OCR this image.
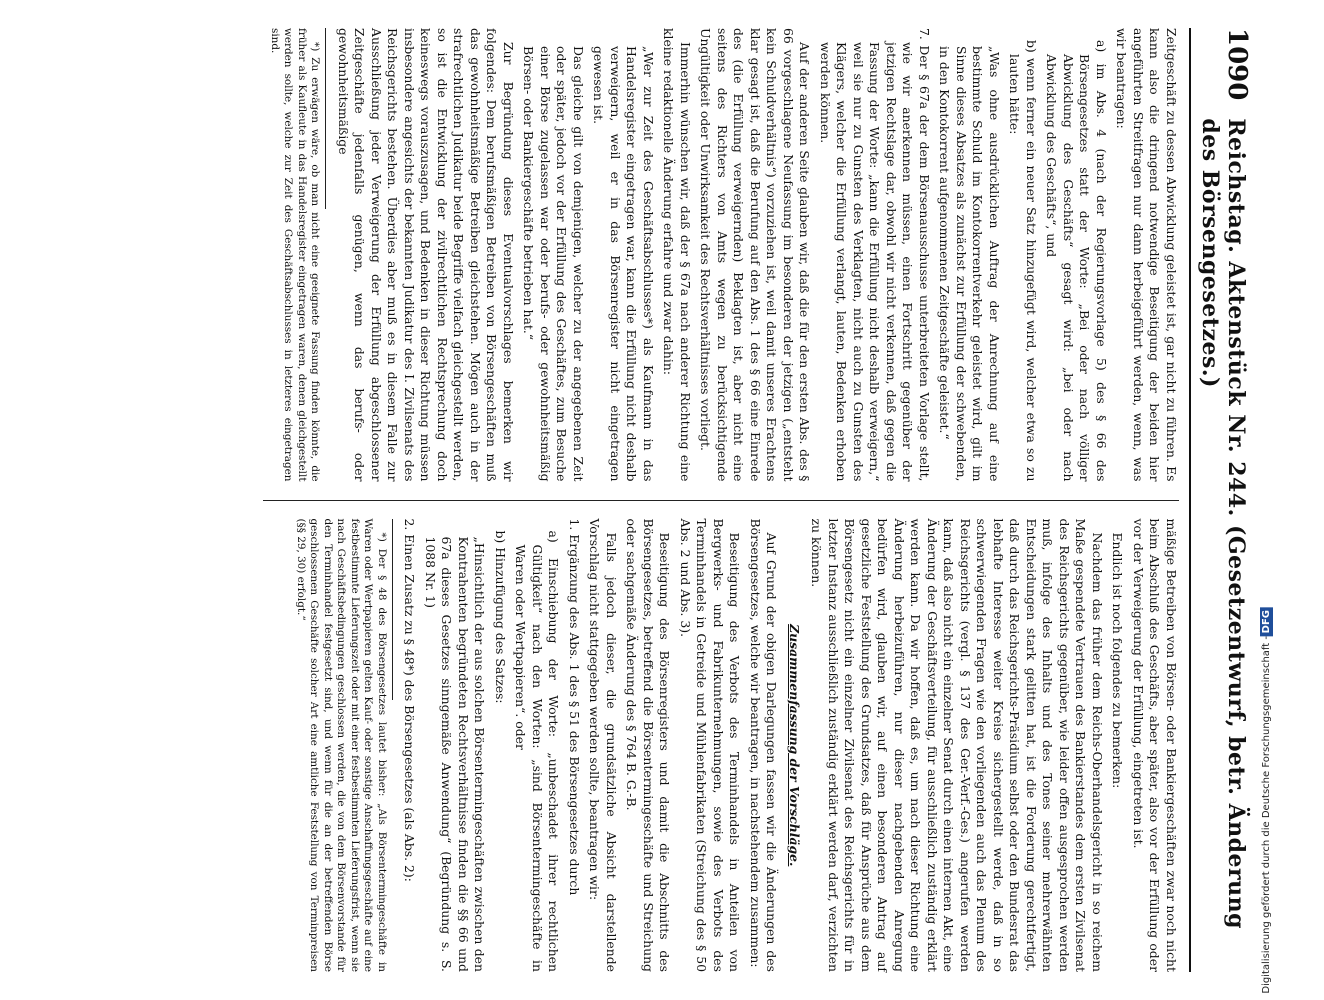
1090
Reichstag. Aktenstück Nr. 244. (Gesetzentwurf, betr. Änderung des Börsengesetzes.)

Zeitgeschäft zu dessen Abwicklung geleistet ist, gar nicht zu führen. Es kann also die dringend notwendige Beseitigung der beiden hier angeführten Streitfragen nur dann herbeigeführt werden, wenn, was wir beantragen:

a) im Abs. 4 (nach der Regierungsvorlage 5) des § 66 des Börsengesetzes statt der Worte: „Bei oder nach völliger Abwicklung des Geschäfts“ gesagt wird: „bei oder nach Abwicklung des Geschäfts“, und
b) wenn ferner ein neuer Satz hinzugefügt wird, welcher etwa so zu lauten hätte:
„Was ohne ausdrücklichen Auftrag der Anrechnung auf eine bestimmte Schuld im Kontokorrentverkehr geleistet wird, gilt im Sinne dieses Absatzes als zunächst zur Erfüllung der schwebenden, in den Kontokorrent aufgenommenen Zeitgeschäfte geleistet.“
7. Der § 67a der dem Börsenausschusse unterbreiteten Vorlage stellt, wie wir anerkennen müssen, einen Fortschritt gegenüber der jetzigen Rechtslage dar, obwohl wir nicht verkennen, daß gegen die Fassung der Worte: „kann die Erfüllung nicht deshalb verweigern,“ weil sie nur zu Gunsten des Verklagten, nicht auch zu Gunsten des Klägers, welcher die Erfüllung verlangt, lauten, Bedenken erhoben werden können.

Auf der anderen Seite glauben wir, daß die für den ersten Abs. des § 66 vorgeschlagene Neufassung im besonderen der jetzigen („entsteht kein Schuldverhältnis“) vorzuziehen ist, weil damit unseres Erachtens klar gesagt ist, daß die Berufung auf den Abs. 1 des § 66 eine Einrede des (die Erfüllung verweigernden) Beklagten ist, aber nicht eine seitens des Richters von Amts wegen zu berücksichtigende Ungültigkeit oder Unwirksamkeit des Rechtsverhältnisses vorliegt.

Immerhin wünschen wir, daß der § 67a nach anderer Richtung eine kleine redaktionelle Änderung erfahre und zwar dahin:

„Wer zur Zeit des Geschäftsabschlusses*) als Kaufmann in das Handelsregister eingetragen war, kann die Erfüllung nicht deshalb verweigern, weil er in das Börsenregister nicht eingetragen gewesen ist.
Das gleiche gilt von demjenigen, welcher zu der angegebenen Zeit oder später, jedoch vor der Erfüllung des Geschäftes, zum Besuche einer Börse zugelassen war oder berufs- oder gewohnheitsmäßig Börsen- oder Bankiergeschäfte betrieben hat.“

Zur Begründung dieses Eventualvorschlages bemerken wir folgendes: Dem berufsmäßigen Betreiben von Börsengeschäften muß das gewohnheitsmäßige Betreiben gleichstehen. Mögen auch in der strafrechtlichen Judikatur beide Begriffe vielfach gleichgestellt werden, so ist die Entwicklung der zivilrechtlichen Rechtsprechung doch keineswegs vorauszusagen, und Bedenken in dieser Richtung müssen insbesondere angesichts der bekannten Judikatur des I. Zivilsenats des Reichsgerichts bestehen. Überdies aber muß es in diesem Falle zur Ausschließung jeder Verweigerung der Erfüllung abgeschlossener Zeitgeschäfte jedenfalls genügen, wenn das berufs- oder gewohnheitsmäßige

*) Zu erwägen wäre, ob man nicht eine geeignete Fassung finden könnte, die früher als Kaufleute in das Handelsregister eingetragen waren, denen gleichgestellt werden sollte, welche zur Zeit des Geschäftsabschlusses in letzteres eingetragen sind.

mäßige Betreiben von Börsen- oder Bankiergeschäften zwar noch nicht beim Abschluß des Geschäfts, aber später, also vor der Erfüllung oder vor der Verweigerung der Erfüllung, eingetreten ist.

Endlich ist noch folgendes zu bemerken:

Nachdem das früher dem Reichs-Oberhandelsgericht in so reichem Maße gespendete Vertrauen des Bankierstandes dem ersten Zivilsenat des Reichsgerichts gegenüber, wie leider offen ausgesprochen werden muß, infolge des Inhalts und des Tones seiner mehrerwähnten Entscheidungen stark gelitten hat, ist die Forderung gerechtfertigt, daß durch das Reichsgerichts-Präsidium selbst oder den Bundesrat das lebhafte Interesse weiter Kreise sichergestellt werde, daß in so schwerwiegenden Fragen wie den vorliegenden auch das Plenum des Reichsgerichts (vergl. § 137 des Ger.-Verf.-Ges.) angerufen werden kann, daß also nicht ein einzelner Senat durch einen internen Akt, eine Änderung der Geschäftsverteilung, für ausschließlich zuständig erklärt werden kann. Da wir hoffen, daß es, um nach dieser Richtung eine Änderung herbeizuführen, nur dieser nachgebenden Anregung bedürfen wird, glauben wir, auf einen besonderen Antrag auf gesetzliche Feststellung des Grundsatzes, daß für Ansprüche aus dem Börsengesetz nicht ein einzelner Zivilsenat des Reichsgerichts für in letzter Instanz ausschließlich zuständig erklärt werden darf, verzichten zu können.

Zusammenfassung der Vorschläge.

Auf Grund der obigen Darlegungen fassen wir die Änderungen des Börsengesetzes, welche wir beantragen, in nachstehendem zusammen:

Beseitigung des Verbots des Terminhandels in Anteilen von Bergwerks- und Fabrikunternehmungen, sowie des Verbots des Terminhandels in Getreide und Mühlenfabrikaten (Streichung des § 50 Abs. 2 und Abs. 3).

Beseitigung des Börsenregisters und damit die Abschnitts des Börsengesetzes, betreffend die Börsentermingeschäfte und Streichung oder sachgemäße Änderung des § 764 B. G.-B.

Falls jedoch dieser, die grundsätzliche Absicht darstellende Vorschlag nicht stattgegeben werden sollte, beantragen wir:

1. Ergänzung des Abs. 1 des § 51 des Börsengesetzes durch
a) Einschiebung der Worte: „unbeschadet ihrer rechtlichen Gültigkeit“ nach den Worten: „sind Börsentermingeschäfte in Waren oder Wertpapieren“. oder
b) Hinzufügung des Satzes:
„Hinsichtlich der aus solchen Börsentermingeschäften zwischen den Kontrahenten begründeten Rechtsverhältnisse finden die §§ 66 und 67a dieses Gesetzes sinngemäße Anwendung“ (Begründung s. S. 1088 Nr. 1)
2. Einen Zusatz zu § 48*) des Börsengesetzes (als Abs. 2):

*) Der § 48 des Börsengesetzes lautet bisher: „Als Börsentermingeschäfte in Waren oder Wertpapieren gelten Kauf- oder sonstige Anschaffungsgeschäfte auf eine festbestimmte Lieferungszeit oder mit einer festbestimmten Lieferungsfrist, wenn sie nach Geschäftsbedingungen geschlossen werden, die von dem Börsenvorstande für den Terminhandel festgesetzt sind, und wenn für die an der betreffenden Börse geschlossenen Geschäfte solcher Art eine amtliche Feststellung von Terminpreisen (§§ 29, 30) erfolgt.“

DFG
Digitalisierung gefördert durch die Deutsche Forschungsgemeinschaft -
